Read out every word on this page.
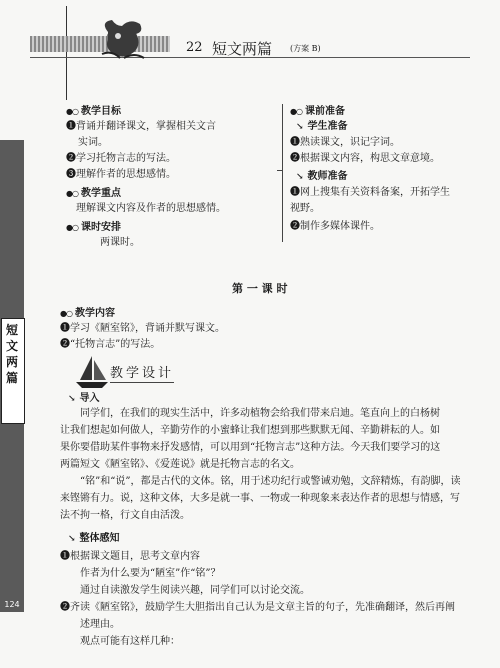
短文两篇
124
22 短文两篇 (方案 B)
●○ 教学目标
❶背诵并翻译课文，掌握相关文言
实词。
❷学习托物言志的写法。
❸理解作者的思想感情。
●○ 教学重点
理解课文内容及作者的思想感情。
●○ 课时安排
两课时。
●○ 课前准备
↘ 学生准备
❶熟读课文，识记字词。
❷根据课文内容，构思文章意境。
↘ 教师准备
❶网上搜集有关资料备案，开拓学生
视野。
❷制作多媒体课件。
第 一 课 时
●○ 教学内容
❶学习《陋室铭》，背诵并默写课文。
❷“托物言志”的写法。
教学设计
↘ 导入
同学们，在我们的现实生活中，许多动植物会给我们带来启迪。笔直向上的白杨树
让我们想起如何做人，辛勤劳作的小蜜蜂让我们想到那些默默无闻、辛勤耕耘的人。如
果你要借助某件事物来抒发感情，可以用到“托物言志”这种方法。今天我们要学习的这
两篇短文《陋室铭》、《爱莲说》就是托物言志的名文。
“铭”和“说”，都是古代的文体。铭，用于述功纪行或警诫劝勉，文辞精炼，有韵脚，读
来铿锵有力。说，这种文体，大多是就一事、一物或一种现象来表达作者的思想与情感，写
法不拘一格，行文自由活泼。
↘ 整体感知
❶根据课文题目，思考文章内容
作者为什么要为“陋室”作“铭”？
通过自读激发学生阅读兴趣，同学们可以讨论交流。
❷齐读《陋室铭》，鼓励学生大胆指出自己认为是文章主旨的句子，先准确翻译，然后再阐
述理由。
观点可能有这样几种：
